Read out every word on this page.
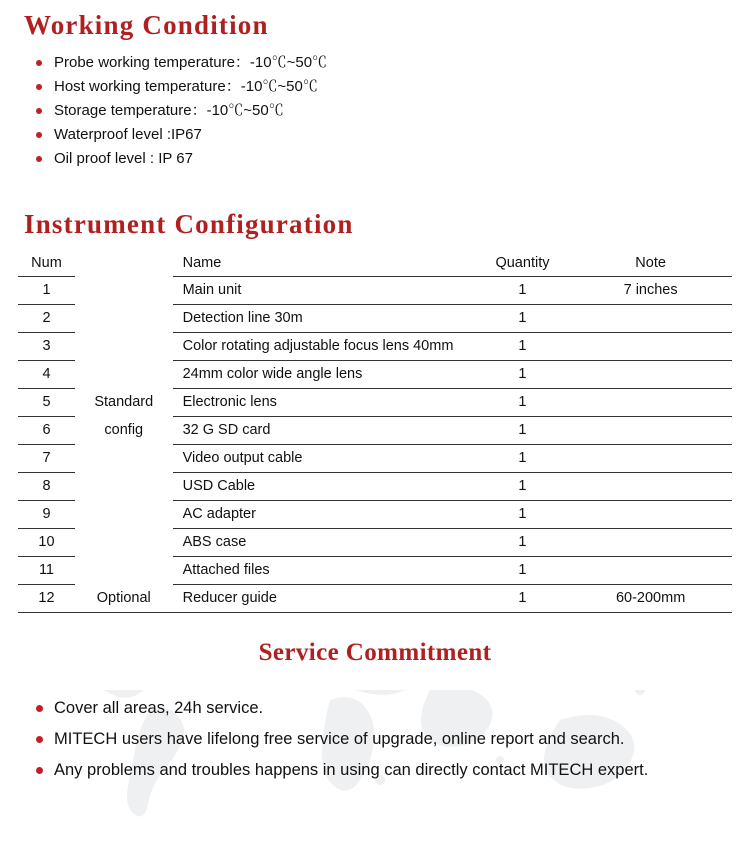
Working Condition
Probe working temperature：-10℃~50℃
Host working temperature：-10℃~50℃
Storage temperature：-10℃~50℃
Waterproof level :IP67
Oil proof level : IP 67
Instrument Configuration
Num		Name	Quantity	Note
1		Main unit	1	7 inches
2		Detection line 30m	1	
3		Color rotating adjustable focus lens 40mm	1	
4		24mm color wide angle lens	1	
5	Standard	Electronic lens	1	
6	config	32 G SD card	1	
7		Video output cable	1	
8		USD Cable	1	
9		AC adapter	1	
10		ABS case	1	
11		Attached files	1	
12	Optional	Reducer guide	1	60-200mm
Service Commitment
Cover all areas, 24h service.
MITECH users have lifelong free service of upgrade, online report and search.
Any problems and troubles happens in using can directly contact MITECH expert.
